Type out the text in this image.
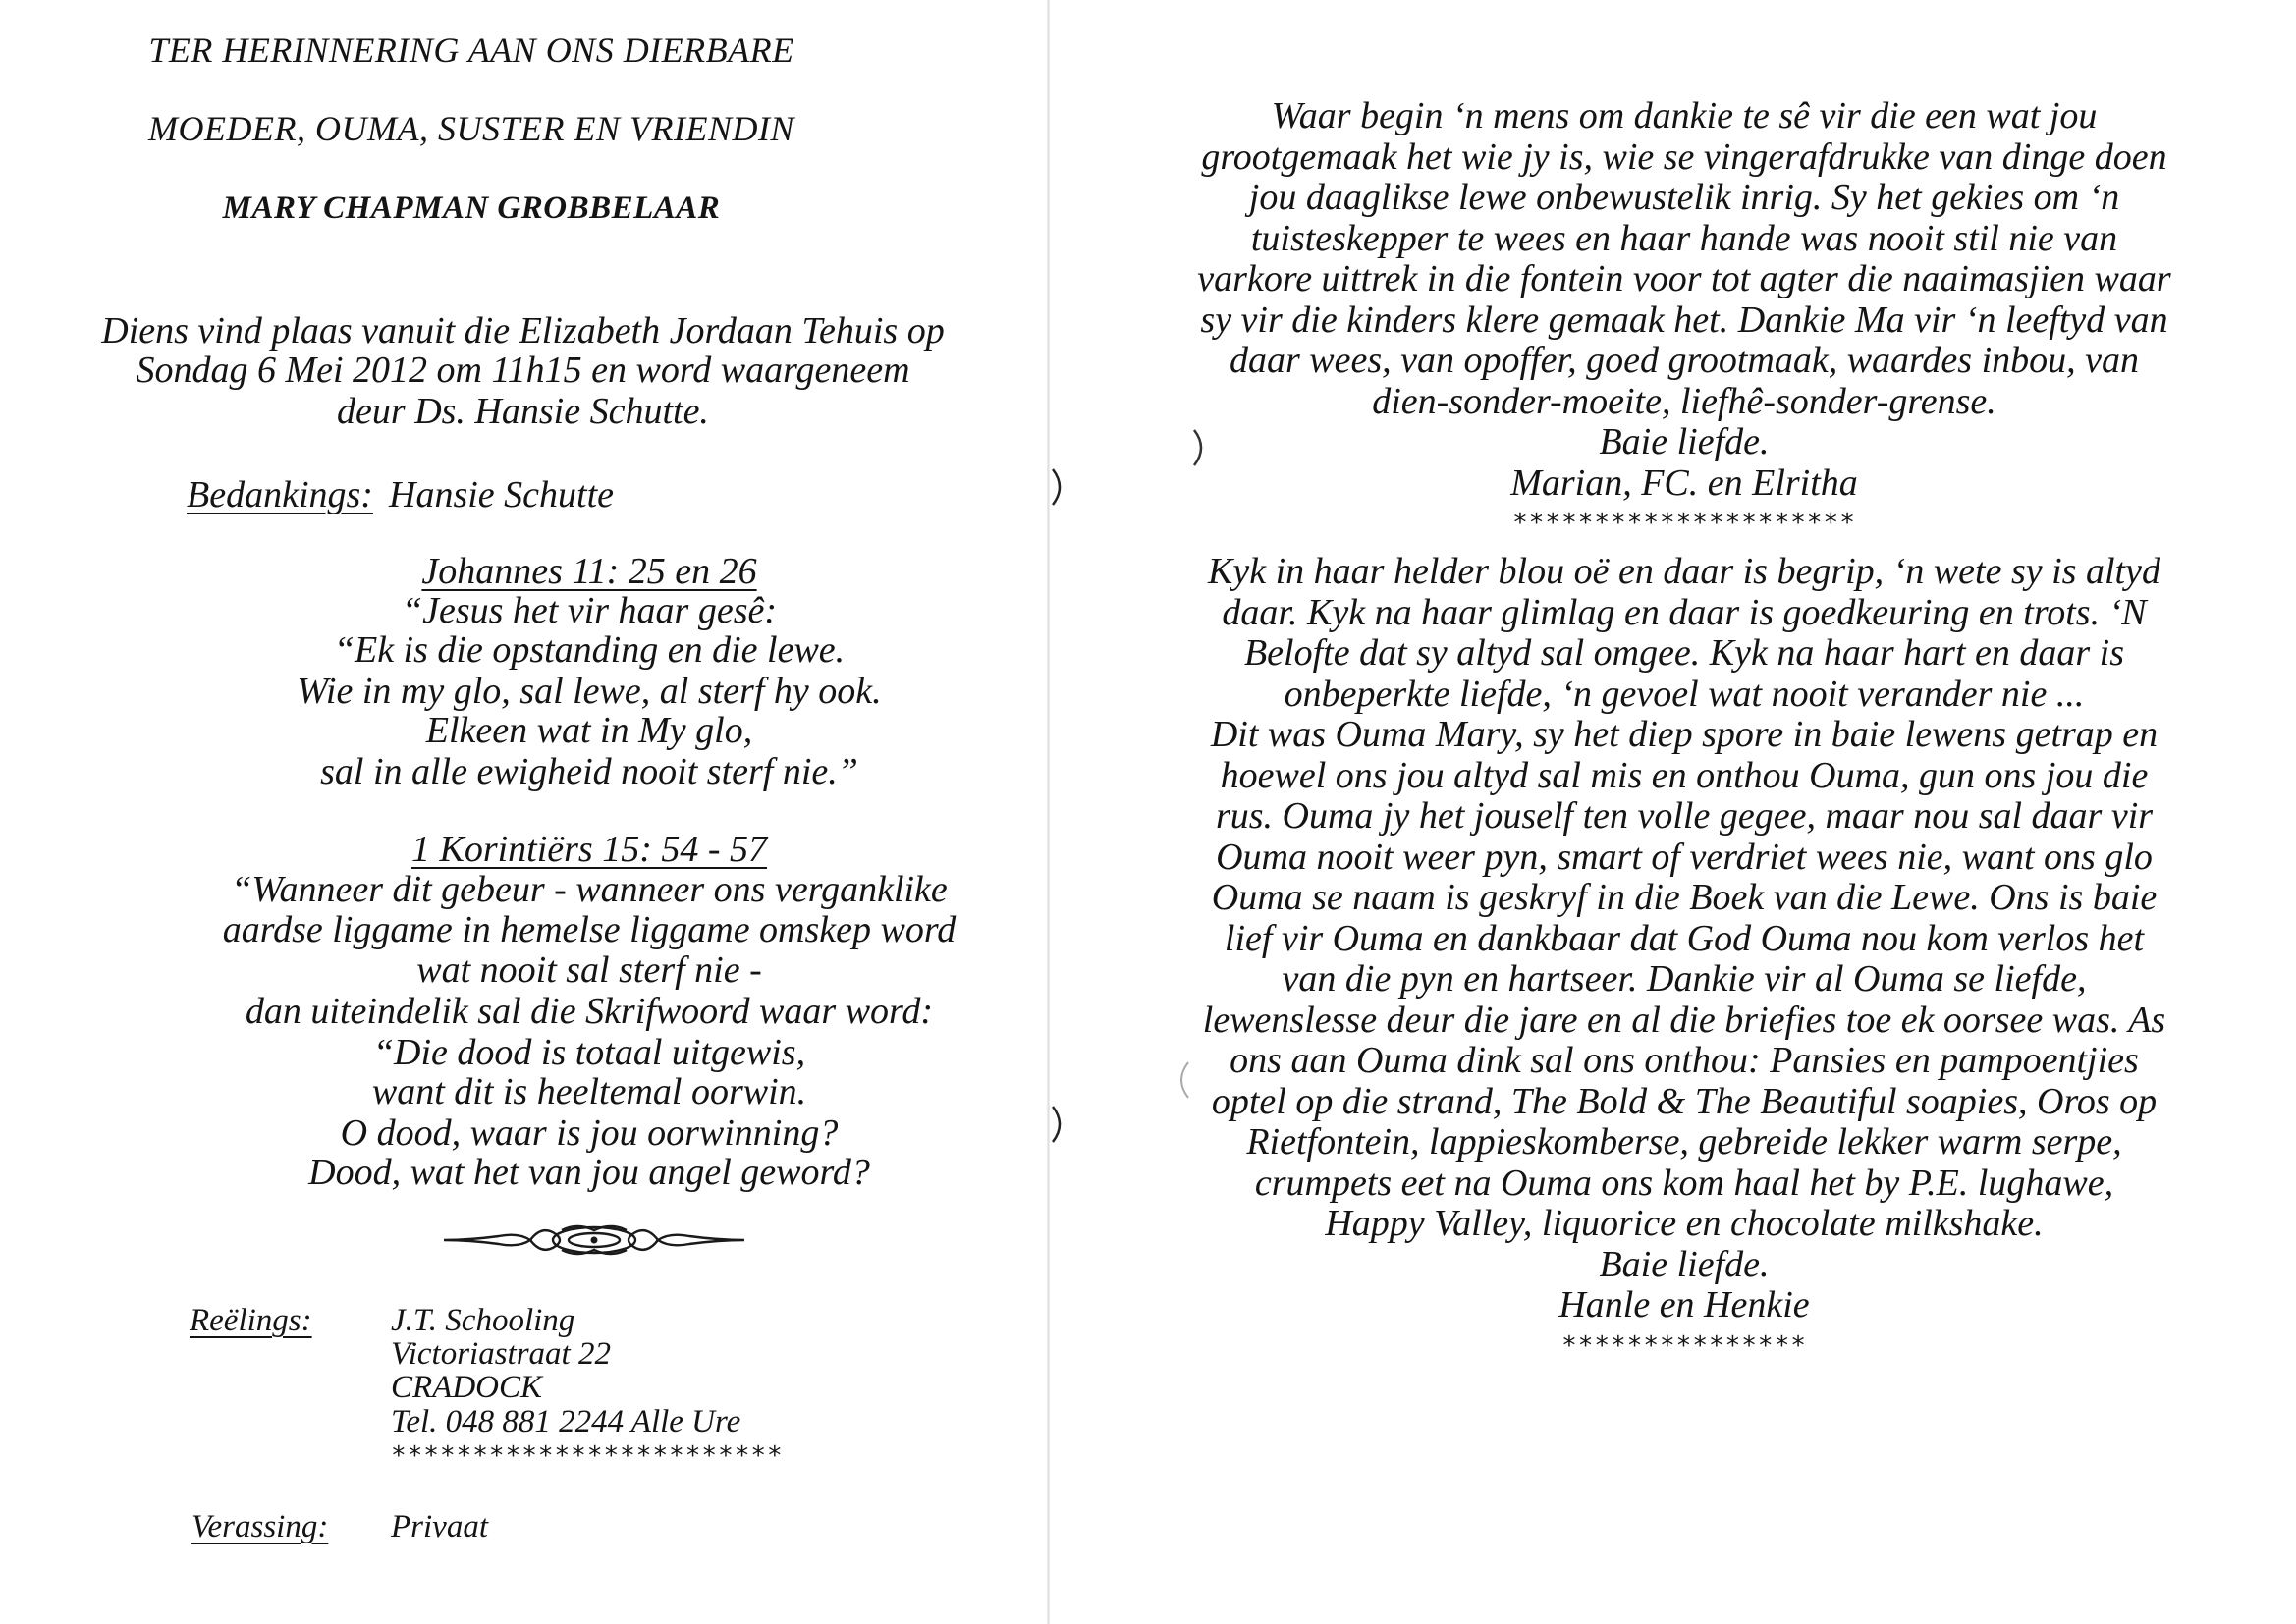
TER HERINNERING AAN ONS DIERBARE
MOEDER, OUMA, SUSTER EN VRIENDIN
MARY CHAPMAN GROBBELAAR
Diens vind plaas vanuit die Elizabeth Jordaan Tehuis op
Sondag 6 Mei 2012 om 11h15 en word waargeneem
deur Ds. Hansie Schutte.
Bedankings: Hansie Schutte
Johannes 11: 25 en 26
“Jesus het vir haar gesê:
“Ek is die opstanding en die lewe.
Wie in my glo, sal lewe, al sterf hy ook.
Elkeen wat in My glo,
sal in alle ewigheid nooit sterf nie.”
1 Korintiërs 15: 54 - 57
“Wanneer dit gebeur - wanneer ons verganklike
aardse liggame in hemelse liggame omskep word
wat nooit sal sterf nie -
dan uiteindelik sal die Skrifwoord waar word:
“Die dood is totaal uitgewis,
want dit is heeltemal oorwin.
O dood, waar is jou oorwinning?
Dood, wat het van jou angel geword?
Reëlings: J.T. Schooling
Victoriastraat 22
CRADOCK
Tel. 048 881 2244 Alle Ure
************************
Verassing: Privaat
Waar begin ‘n mens om dankie te sê vir die een wat jou
grootgemaak het wie jy is, wie se vingerafdrukke van dinge doen
jou daaglikse lewe onbewustelik inrig. Sy het gekies om ‘n
tuisteskepper te wees en haar hande was nooit stil nie van
varkore uittrek in die fontein voor tot agter die naaimasjien waar
sy vir die kinders klere gemaak het. Dankie Ma vir ‘n leeftyd van
daar wees, van opoffer, goed grootmaak, waardes inbou, van
dien-sonder-moeite, liefhê-sonder-grense.
Baie liefde.
Marian, FC. en Elritha
*********************
Kyk in haar helder blou oë en daar is begrip, ‘n wete sy is altyd
daar. Kyk na haar glimlag en daar is goedkeuring en trots. ‘N
Belofte dat sy altyd sal omgee. Kyk na haar hart en daar is
onbeperkte liefde, ‘n gevoel wat nooit verander nie ...
Dit was Ouma Mary, sy het diep spore in baie lewens getrap en
hoewel ons jou altyd sal mis en onthou Ouma, gun ons jou die
rus. Ouma jy het jouself ten volle gegee, maar nou sal daar vir
Ouma nooit weer pyn, smart of verdriet wees nie, want ons glo
Ouma se naam is geskryf in die Boek van die Lewe. Ons is baie
lief vir Ouma en dankbaar dat God Ouma nou kom verlos het
van die pyn en hartseer. Dankie vir al Ouma se liefde,
lewenslesse deur die jare en al die briefies toe ek oorsee was. As
ons aan Ouma dink sal ons onthou: Pansies en pampoentjies
optel op die strand, The Bold & The Beautiful soapies, Oros op
Rietfontein, lappieskomberse, gebreide lekker warm serpe,
crumpets eet na Ouma ons kom haal het by P.E. lughawe,
Happy Valley, liquorice en chocolate milkshake.
Baie liefde.
Hanle en Henkie
***************
